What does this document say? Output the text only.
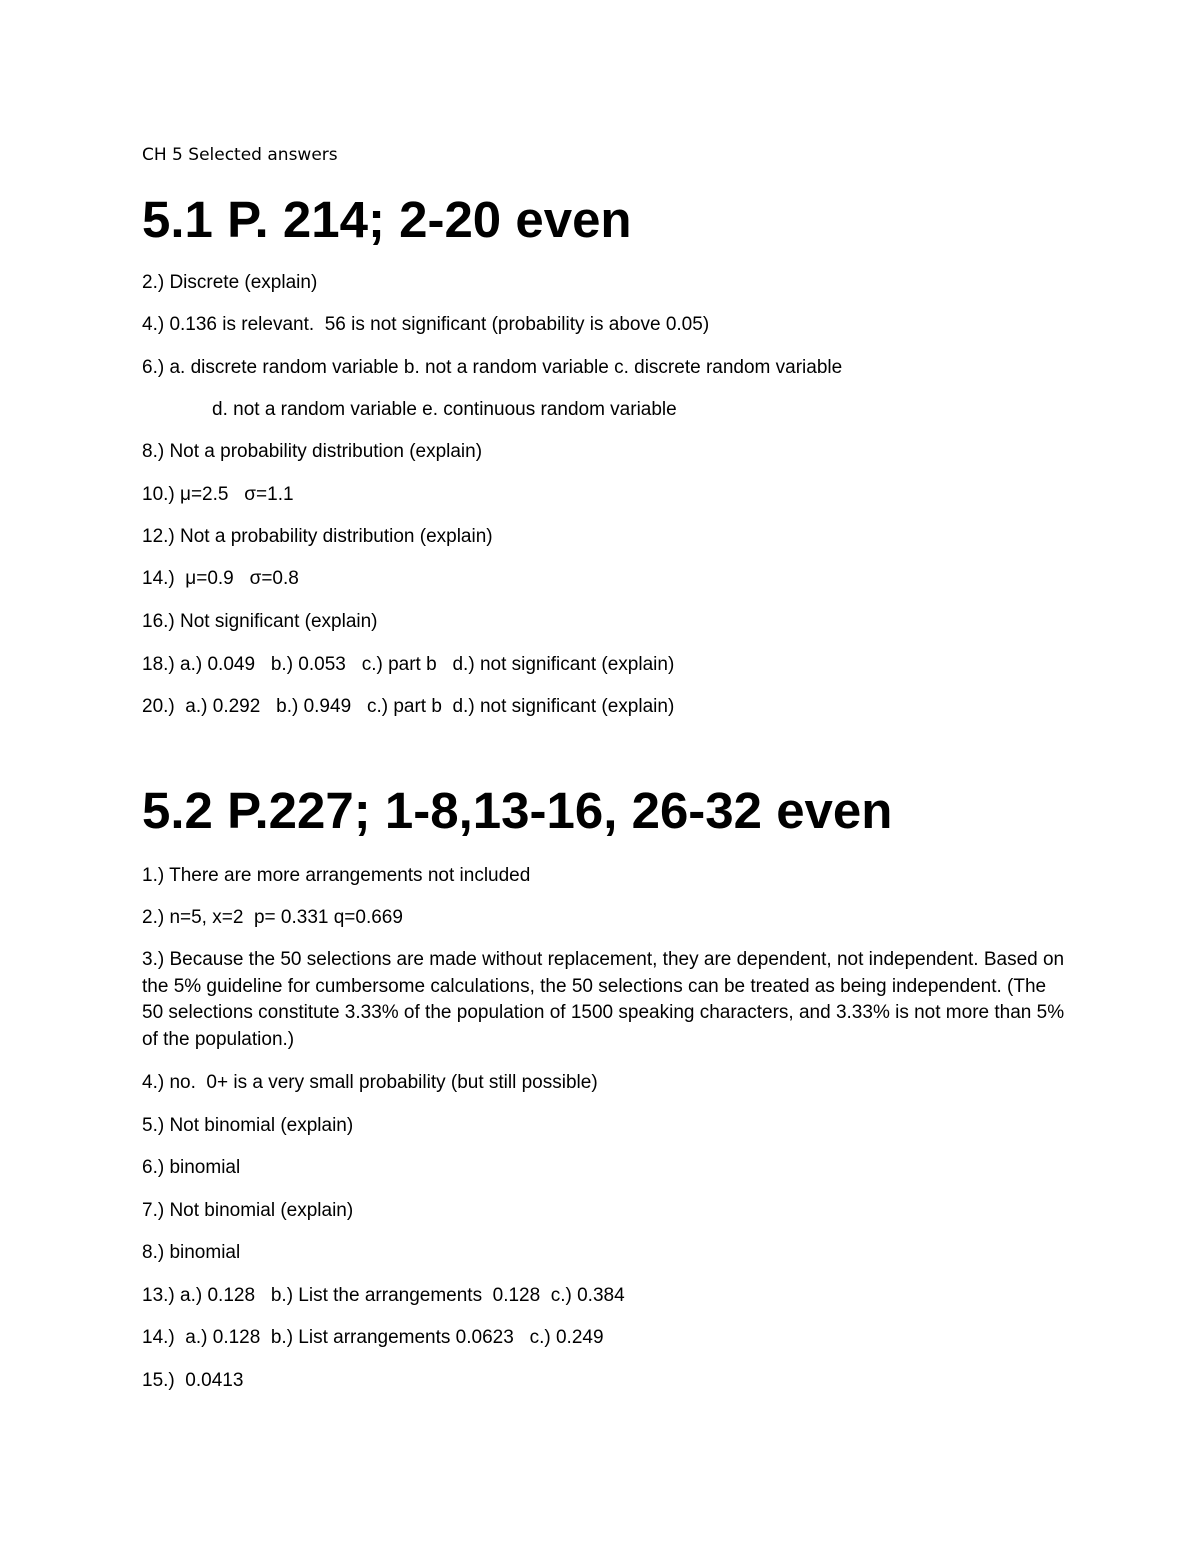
CH 5 Selected answers
5.1 P. 214; 2-20 even
2.) Discrete (explain)
4.) 0.136 is relevant.  56 is not significant (probability is above 0.05)
6.) a. discrete random variable b. not a random variable c. discrete random variable
d. not a random variable e. continuous random variable
8.) Not a probability distribution (explain)
10.) μ=2.5   σ=1.1
12.) Not a probability distribution (explain)
14.)  μ=0.9   σ=0.8
16.) Not significant (explain)
18.) a.) 0.049   b.) 0.053   c.) part b   d.) not significant (explain)
20.)  a.) 0.292   b.) 0.949   c.) part b  d.) not significant (explain)
5.2 P.227; 1-8,13-16, 26-32 even
1.) There are more arrangements not included
2.) n=5, x=2  p= 0.331 q=0.669
3.) Because the 50 selections are made without replacement, they are dependent, not independent. Based on the 5% guideline for cumbersome calculations, the 50 selections can be treated as being independent. (The 50 selections constitute 3.33% of the population of 1500 speaking characters, and 3.33% is not more than 5% of the population.)
4.) no.  0+ is a very small probability (but still possible)
5.) Not binomial (explain)
6.) binomial
7.) Not binomial (explain)
8.) binomial
13.) a.) 0.128   b.) List the arrangements  0.128  c.) 0.384
14.)  a.) 0.128  b.) List arrangements 0.0623   c.) 0.249
15.)  0.0413
